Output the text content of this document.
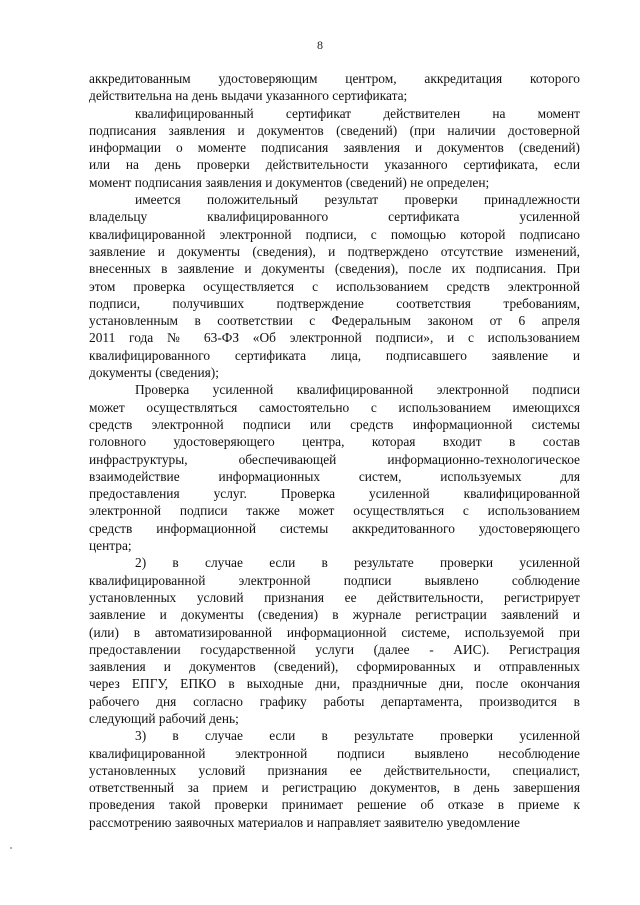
8
аккредитованным удостоверяющим центром, аккредитация которого
действительна на день выдачи указанного сертификата;
квалифицированный сертификат действителен на момент
подписания заявления и документов (сведений) (при наличии достоверной
информации о моменте подписания заявления и документов (сведений)
или на день проверки действительности указанного сертификата, если
момент подписания заявления и документов (сведений) не определен;
имеется положительный результат проверки принадлежности
владельцу квалифицированного сертификата усиленной
квалифицированной электронной подписи, с помощью которой подписано
заявление и документы (сведения), и подтверждено отсутствие изменений,
внесенных в заявление и документы (сведения), после их подписания. При
этом проверка осуществляется с использованием средств электронной
подписи, получивших подтверждение соответствия требованиям,
установленным в соответствии с Федеральным законом от 6 апреля
2011 года № 63-ФЗ «Об электронной подписи», и с использованием
квалифицированного сертификата лица, подписавшего заявление и
документы (сведения);
Проверка усиленной квалифицированной электронной подписи
может осуществляться самостоятельно с использованием имеющихся
средств электронной подписи или средств информационной системы
головного удостоверяющего центра, которая входит в состав
инфраструктуры, обеспечивающей информационно-технологическое
взаимодействие информационных систем, используемых для
предоставления услуг. Проверка усиленной квалифицированной
электронной подписи также может осуществляться с использованием
средств информационной системы аккредитованного удостоверяющего
центра;
2) в случае если в результате проверки усиленной
квалифицированной электронной подписи выявлено соблюдение
установленных условий признания ее действительности, регистрирует
заявление и документы (сведения) в журнале регистрации заявлений и
(или) в автоматизированной информационной системе, используемой при
предоставлении государственной услуги (далее - АИС). Регистрация
заявления и документов (сведений), сформированных и отправленных
через ЕПГУ, ЕПКО в выходные дни, праздничные дни, после окончания
рабочего дня согласно графику работы департамента, производится в
следующий рабочий день;
3) в случае если в результате проверки усиленной
квалифицированной электронной подписи выявлено несоблюдение
установленных условий признания ее действительности, специалист,
ответственный за прием и регистрацию документов, в день завершения
проведения такой проверки принимает решение об отказе в приеме к
рассмотрению заявочных материалов и направляет заявителю уведомление
